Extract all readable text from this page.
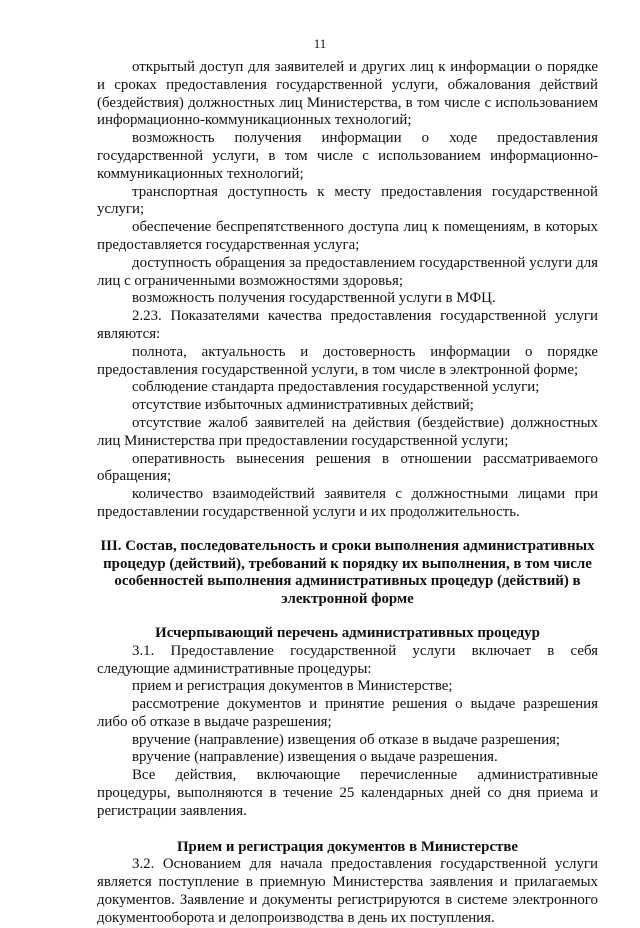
11

открытый доступ для заявителей и других лиц к информации о порядке и сроках предоставления государственной услуги, обжалования действий (бездействия) должностных лиц Министерства, в том числе с использованием информационно-коммуникационных технологий;

возможность получения информации о ходе предоставления государственной услуги, в том числе с использованием информационно-коммуникационных технологий;

транспортная доступность к месту предоставления государственной услуги;

обеспечение беспрепятственного доступа лиц к помещениям, в которых предоставляется государственная услуга;

доступность обращения за предоставлением государственной услуги для лиц с ограниченными возможностями здоровья;

возможность получения государственной услуги в МФЦ.

2.23. Показателями качества предоставления государственной услуги являются:

полнота, актуальность и достоверность информации о порядке предоставления государственной услуги, в том числе в электронной форме;

соблюдение стандарта предоставления государственной услуги;

отсутствие избыточных административных действий;

отсутствие жалоб заявителей на действия (бездействие) должностных лиц Министерства при предоставлении государственной услуги;

оперативность вынесения решения в отношении рассматриваемого обращения;

количество взаимодействий заявителя с должностными лицами при предоставлении государственной услуги и их продолжительность.

III. Состав, последовательность и сроки выполнения административных процедур (действий), требований к порядку их выполнения, в том числе особенностей выполнения административных процедур (действий) в электронной форме

Исчерпывающий перечень административных процедур

3.1. Предоставление государственной услуги включает в себя следующие административные процедуры:

прием и регистрация документов в Министерстве;

рассмотрение документов и принятие решения о выдаче разрешения либо об отказе в выдаче разрешения;

вручение (направление) извещения об отказе в выдаче разрешения;

вручение (направление) извещения о выдаче разрешения.

Все действия, включающие перечисленные административные процедуры, выполняются в течение 25 календарных дней со дня приема и регистрации заявления.

Прием и регистрация документов в Министерстве

3.2. Основанием для начала предоставления государственной услуги является поступление в приемную Министерства заявления и прилагаемых документов. Заявление и документы регистрируются в системе электронного документооборота и делопроизводства в день их поступления.
